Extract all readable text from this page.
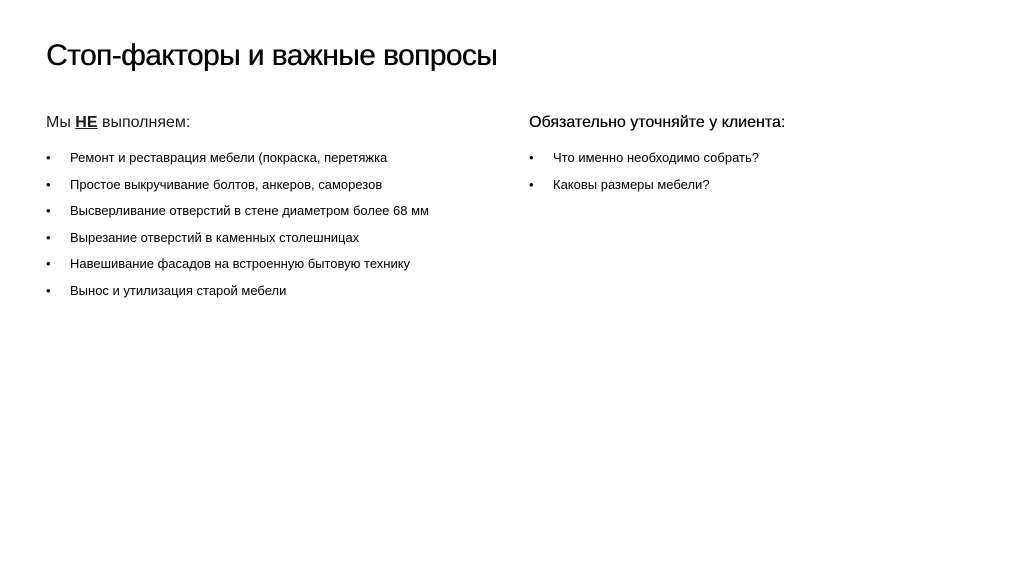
Стоп-факторы и важные вопросы
Мы НЕ выполняем:
• Ремонт и реставрация мебели (покраска, перетяжка
• Простое выкручивание болтов, анкеров, саморезов
• Высверливание отверстий в стене диаметром более 68 мм
• Вырезание отверстий в каменных столешницах
• Навешивание фасадов на встроенную бытовую технику
• Вынос и утилизация старой мебели
Обязательно уточняйте у клиента:
• Что именно необходимо собрать?
• Каковы размеры мебели?
